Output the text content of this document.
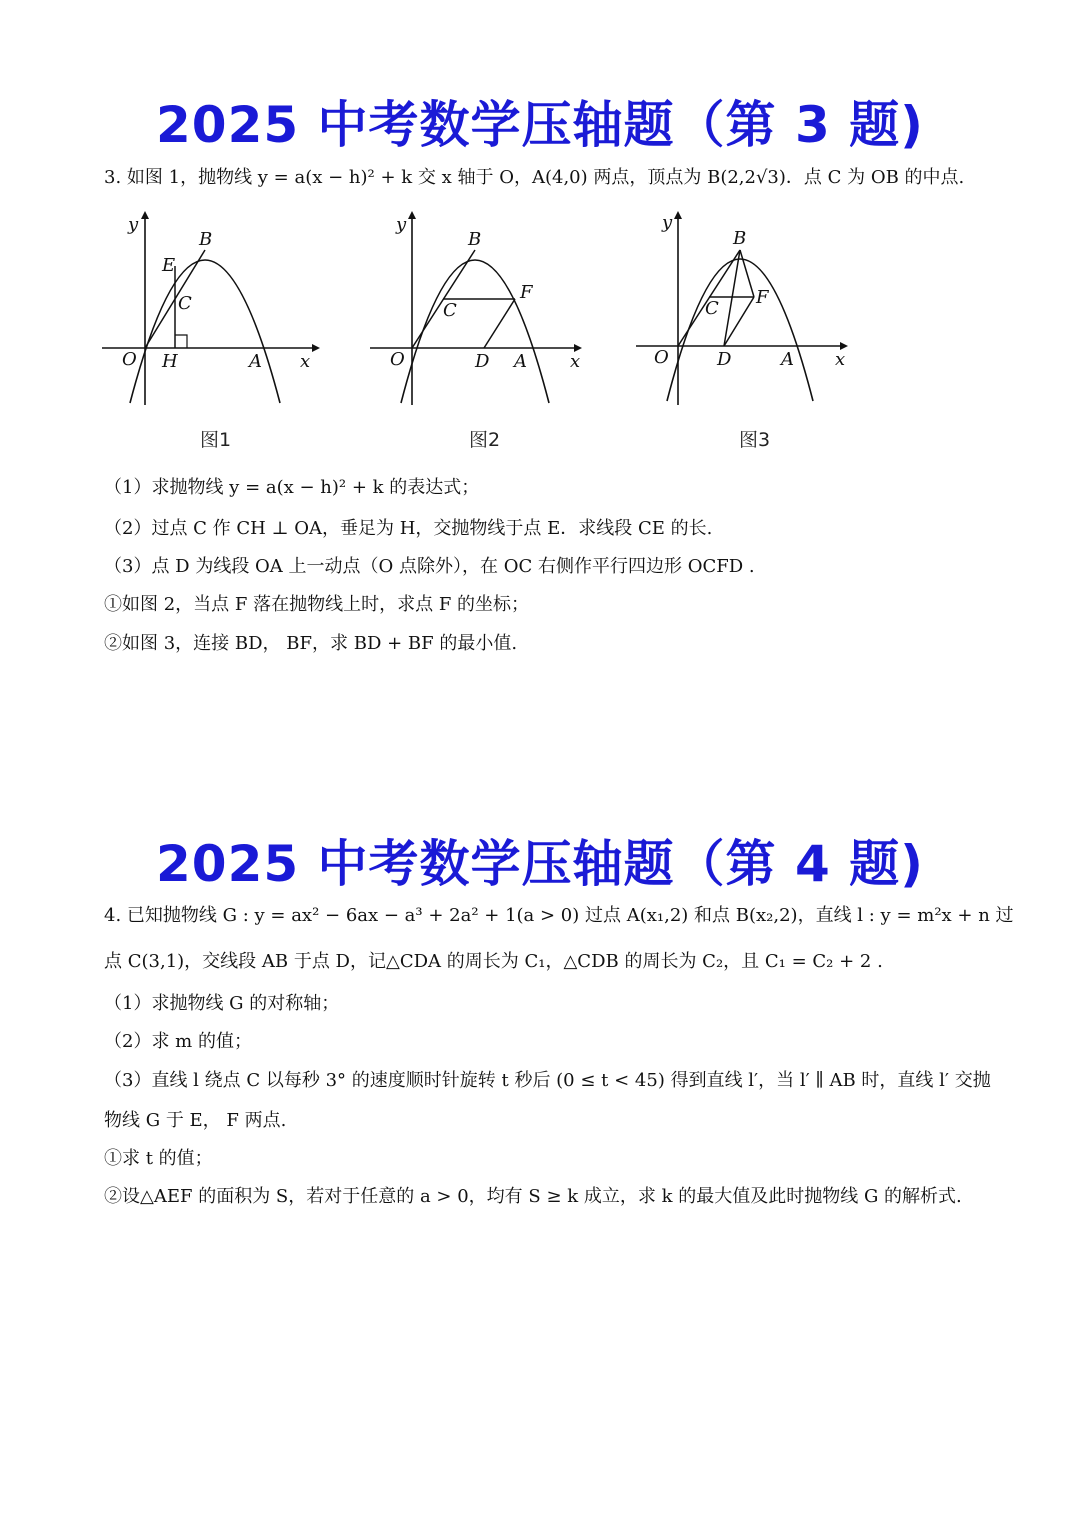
2025 中考数学压轴题（第 3 题)
3. 如图 1，抛物线 y = a(x − h)² + k 交 x 轴于 O，A(4,0) 两点，顶点为 B(2,2√3)．点 C 为 OB 的中点.
y
B
E
C
O H	A x
图1
y
B
C
F
O	D A x
图2
y
B
C
F
O	D	A x
图3
（1）求抛物线 y = a(x − h)² + k 的表达式；
（2）过点 C 作 CH ⊥ OA，垂足为 H，交抛物线于点 E．求线段 CE 的长.
（3）点 D 为线段 OA 上一动点（O 点除外），在 OC 右侧作平行四边形 OCFD .
①如图 2，当点 F 落在抛物线上时，求点 F 的坐标；
②如图 3，连接 BD， BF，求 BD + BF 的最小值.
2025 中考数学压轴题（第 4 题)
4. 已知抛物线 G : y = ax² − 6ax − a³ + 2a² + 1(a > 0) 过点 A(x₁,2) 和点 B(x₂,2)，直线 l : y = m²x + n 过
点 C(3,1)，交线段 AB 于点 D，记△CDA 的周长为 C₁，△CDB 的周长为 C₂，且 C₁ = C₂ + 2 .
（1）求抛物线 G 的对称轴；
（2）求 m 的值；
（3）直线 l 绕点 C 以每秒 3° 的速度顺时针旋转 t 秒后 (0 ≤ t < 45) 得到直线 l′，当 l′ ∥ AB 时，直线 l′ 交抛
物线 G 于 E， F 两点.
①求 t 的值；
②设△AEF 的面积为 S，若对于任意的 a > 0，均有 S ≥ k 成立，求 k 的最大值及此时抛物线 G 的解析式.
